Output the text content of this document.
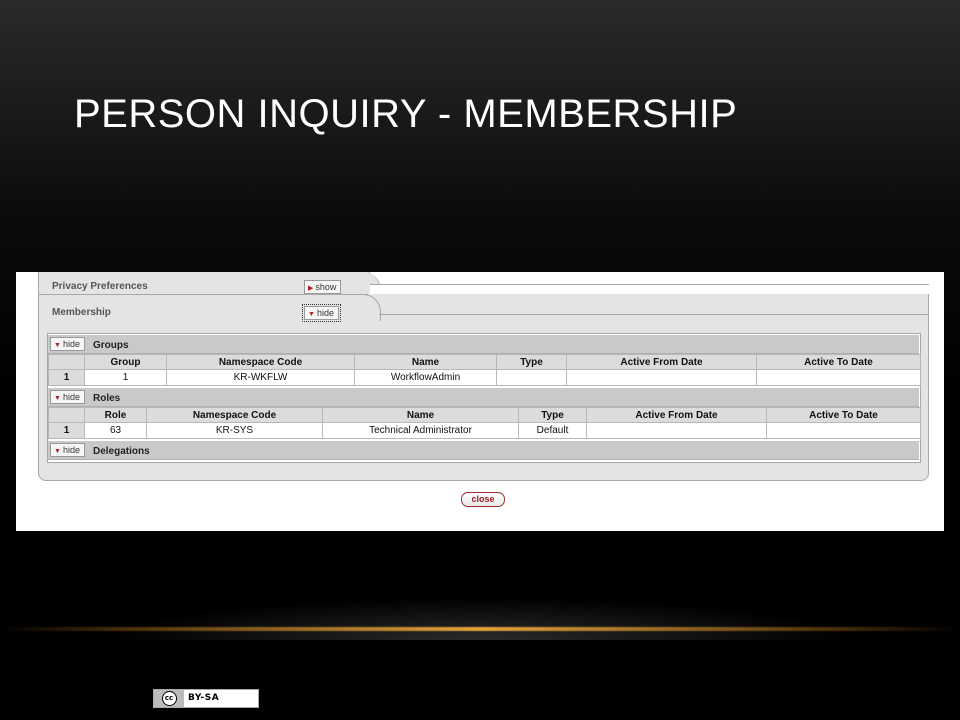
PERSON INQUIRY - MEMBERSHIP
Privacy Preferences	▶ show
Membership	▼ hide
▼ hide	Groups
	Group	Namespace Code	Name	Type	Active From Date	Active To Date
1	1	KR-WKFLW	WorkflowAdmin			
▼ hide	Roles
	Role	Namespace Code	Name	Type	Active From Date	Active To Date
1	63	KR-SYS	Technical Administrator	Default		
▼ hide	Delegations
close
cc	BY-SA
